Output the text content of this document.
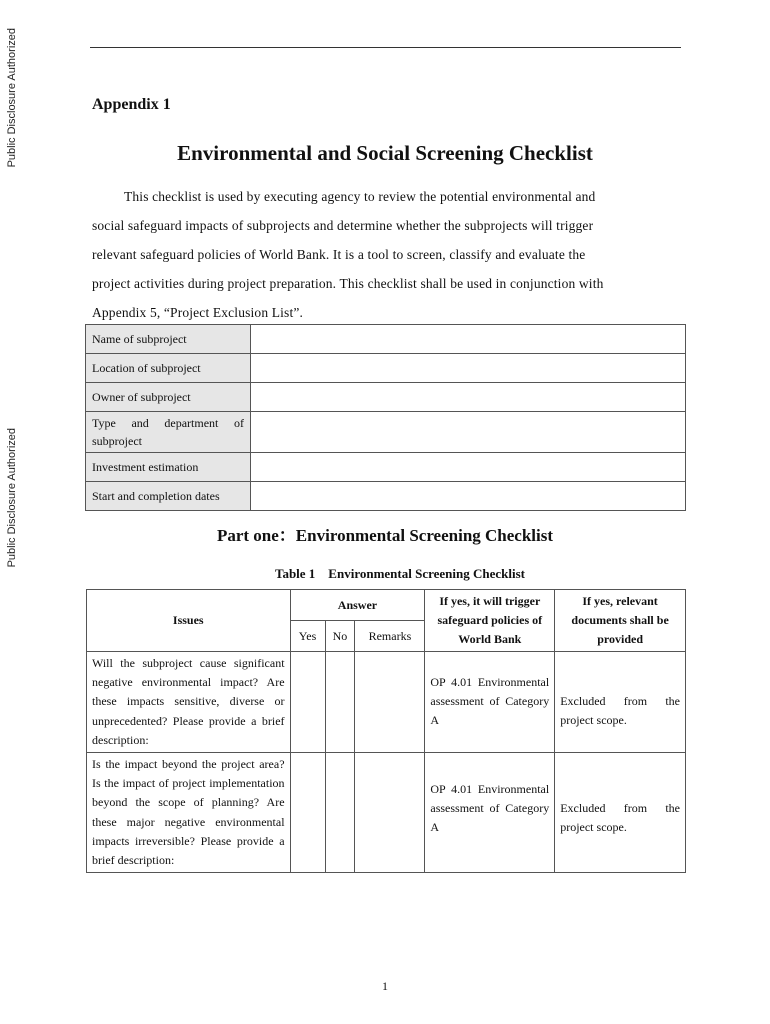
Public Disclosure Authorized
Public Disclosure Authorized
Appendix 1
Environmental and Social Screening Checklist
This checklist is used by executing agency to review the potential environmental and
social safeguard impacts of subprojects and determine whether the subprojects will trigger
relevant safeguard policies of World Bank. It is a tool to screen, classify and evaluate the
project activities during project preparation. This checklist shall be used in conjunction with
Appendix 5, “Project Exclusion List”.
Name of subproject	
Location of subproject	
Owner of subproject	
Type and department of subproject	
Investment estimation	
Start and completion dates	
Part one：Environmental Screening Checklist
Table 1 Environmental Screening Checklist
Issues	Answer			If yes, it will trigger safeguard policies of World Bank	If yes, relevant documents shall be provided
	Yes	No	Remarks		
Will the subproject cause significant negative environmental impact? Are these impacts sensitive, diverse or unprecedented? Please provide a brief description:				OP 4.01 Environmental assessment of Category A	Excluded from the project scope.
Is the impact beyond the project area? Is the impact of project implementation beyond the scope of planning? Are these major negative environmental impacts irreversible? Please provide a brief description:				OP 4.01 Environmental assessment of Category A	Excluded from the project scope.
1
